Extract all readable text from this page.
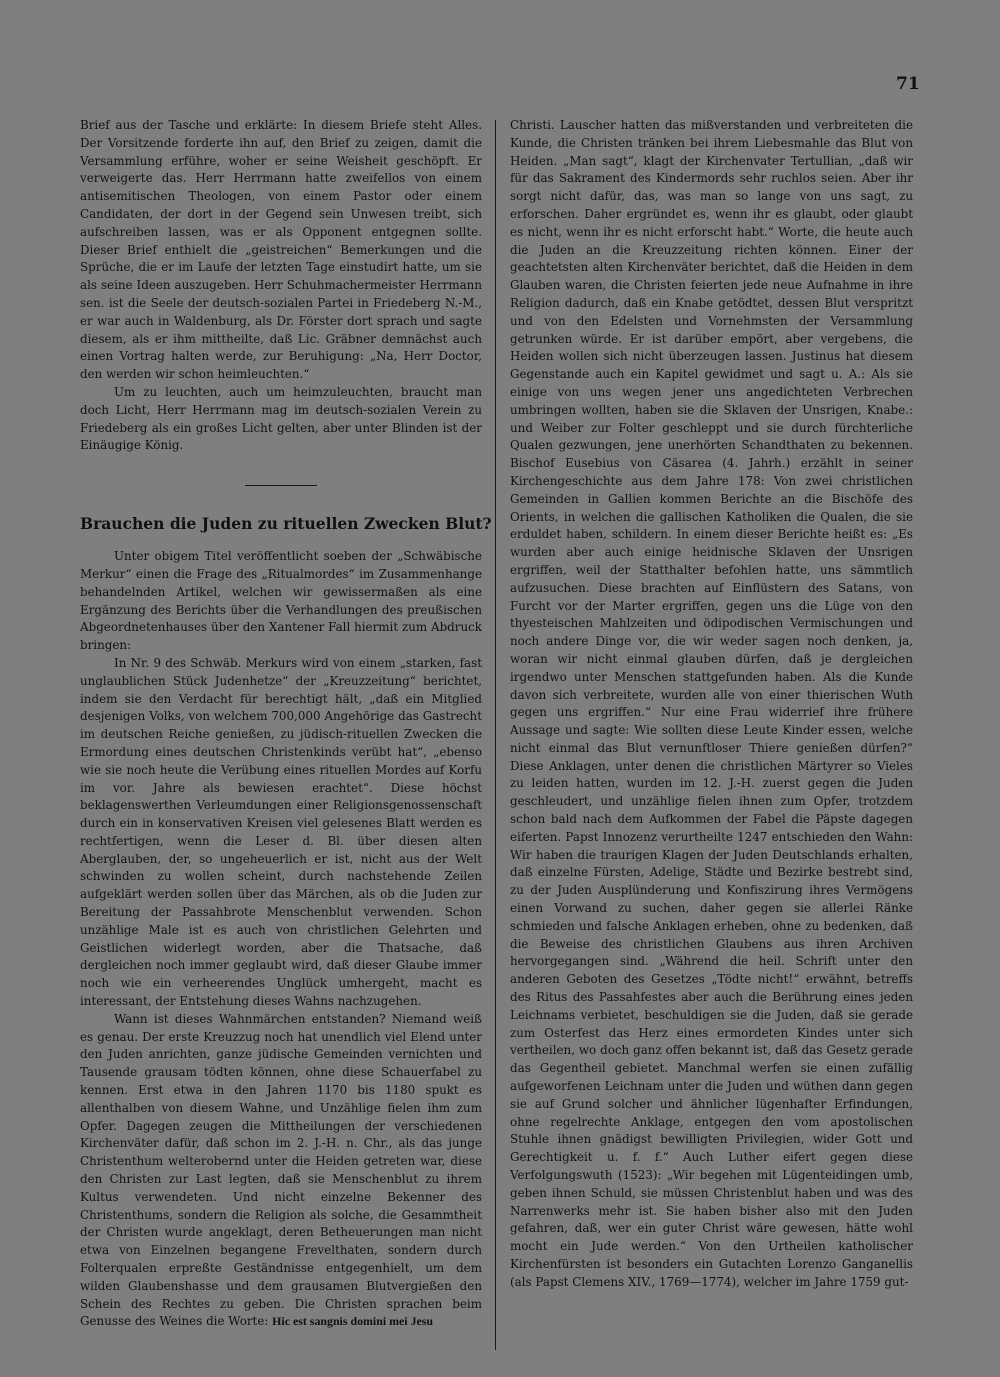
71

Brief aus der Tasche und erklärte: In diesem Briefe steht Alles. Der Vorsitzende forderte ihn auf, den Brief zu zeigen, damit die Versammlung erführe, woher er seine Weisheit geschöpft. Er verweigerte das. Herr Herrmann hatte zweifellos von einem antisemitischen Theologen, von einem Pastor oder einem Candidaten, der dort in der Gegend sein Unwesen treibt, sich aufschreiben lassen, was er als Opponent entgegnen sollte. Dieser Brief enthielt die „geistreichen“ Bemerkungen und die Sprüche, die er im Laufe der letzten Tage einstudirt hatte, um sie als seine Ideen auszugeben. Herr Schuhmachermeister Herrmann sen. ist die Seele der deutsch-sozialen Partei in Friedeberg N.-M., er war auch in Waldenburg, als Dr. Förster dort sprach und sagte diesem, als er ihm mittheilte, daß Lic. Gräbner demnächst auch einen Vortrag halten werde, zur Beruhigung: „Na, Herr Doctor, den werden wir schon heimleuchten.“

Um zu leuchten, auch um heimzuleuchten, braucht man doch Licht, Herr Herrmann mag im deutsch-sozialen Verein zu Friedeberg als ein großes Licht gelten, aber unter Blinden ist der Einäugige König.

Brauchen die Juden zu rituellen Zwecken Blut?

Unter obigem Titel veröffentlicht soeben der „Schwäbische Merkur“ einen die Frage des „Ritualmordes“ im Zusammenhange behandelnden Artikel, welchen wir gewissermaßen als eine Ergänzung des Berichts über die Verhandlungen des preußischen Abgeordnetenhauses über den Xantener Fall hiermit zum Abdruck bringen:

In Nr. 9 des Schwäb. Merkurs wird von einem „starken, fast unglaublichen Stück Judenhetze“ der „Kreuzzeitung“ berichtet, indem sie den Verdacht für berechtigt hält, „daß ein Mitglied desjenigen Volks, von welchem 700,000 Angehörige das Gastrecht im deutschen Reiche genießen, zu jüdisch-rituellen Zwecken die Ermordung eines deutschen Christenkinds verübt hat“, „ebenso wie sie noch heute die Verübung eines rituellen Mordes auf Korfu im vor. Jahre als bewiesen erachtet“. Diese höchst beklagenswerthen Verleumdungen einer Religionsgenossenschaft durch ein in konservativen Kreisen viel gelesenes Blatt werden es rechtfertigen, wenn die Leser d. Bl. über diesen alten Aberglauben, der, so ungeheuerlich er ist, nicht aus der Welt schwinden zu wollen scheint, durch nachstehende Zeilen aufgeklärt werden sollen über das Märchen, als ob die Juden zur Bereitung der Passahbrote Menschenblut verwenden. Schon unzählige Male ist es auch von christlichen Gelehrten und Geistlichen widerlegt worden, aber die Thatsache, daß dergleichen noch immer geglaubt wird, daß dieser Glaube immer noch wie ein verheerendes Unglück umhergeht, macht es interessant, der Entstehung dieses Wahns nachzugehen.

Wann ist dieses Wahnmärchen entstanden? Niemand weiß es genau. Der erste Kreuzzug noch hat unendlich viel Elend unter den Juden anrichten, ganze jüdische Gemeinden vernichten und Tausende grausam tödten können, ohne diese Schauerfabel zu kennen. Erst etwa in den Jahren 1170 bis 1180 spukt es allenthalben von diesem Wahne, und Unzählige fielen ihm zum Opfer. Dagegen zeugen die Mittheilungen der verschiedenen Kirchenväter dafür, daß schon im 2. J.-H. n. Chr., als das junge Christenthum welterobernd unter die Heiden getreten war, diese den Christen zur Last legten, daß sie Menschenblut zu ihrem Kultus verwendeten. Und nicht einzelne Bekenner des Christenthums, sondern die Religion als solche, die Gesammtheit der Christen wurde angeklagt, deren Betheuerungen man nicht etwa von Einzelnen begangene Frevelthaten, sondern durch Folterqualen erpreßte Geständnisse entgegenhielt, um dem wilden Glaubenshasse und dem grausamen Blutvergießen den Schein des Rechtes zu geben. Die Christen sprachen beim Genusse des Weines die Worte: Hic est sangnis domini mei Jesu

Christi. Lauscher hatten das mißverstanden und verbreiteten die Kunde, die Christen tränken bei ihrem Liebesmahle das Blut von Heiden. „Man sagt“, klagt der Kirchenvater Tertullian, „daß wir für das Sakrament des Kindermords sehr ruchlos seien. Aber ihr sorgt nicht dafür, das, was man so lange von uns sagt, zu erforschen. Daher ergründet es, wenn ihr es glaubt, oder glaubt es nicht, wenn ihr es nicht erforscht habt.“ Worte, die heute auch die Juden an die Kreuzzeitung richten können. Einer der geachtetsten alten Kirchenväter berichtet, daß die Heiden in dem Glauben waren, die Christen feierten jede neue Aufnahme in ihre Religion dadurch, daß ein Knabe getödtet, dessen Blut verspritzt und von den Edelsten und Vornehmsten der Versammlung getrunken würde. Er ist darüber empört, aber vergebens, die Heiden wollen sich nicht überzeugen lassen. Justinus hat diesem Gegenstande auch ein Kapitel gewidmet und sagt u. A.: Als sie einige von uns wegen jener uns angedichteten Verbrechen umbringen wollten, haben sie die Sklaven der Unsrigen, Knabe.: und Weiber zur Folter geschleppt und sie durch fürchterliche Qualen gezwungen, jene unerhörten Schandthaten zu bekennen. Bischof Eusebius von Cäsarea (4. Jahrh.) erzählt in seiner Kirchengeschichte aus dem Jahre 178: Von zwei christlichen Gemeinden in Gallien kommen Berichte an die Bischöfe des Orients, in welchen die gallischen Katholiken die Qualen, die sie erduldet haben, schildern. In einem dieser Berichte heißt es: „Es wurden aber auch einige heidnische Sklaven der Unsrigen ergriffen, weil der Statthalter befohlen hatte, uns sämmtlich aufzusuchen. Diese brachten auf Einflüstern des Satans, von Furcht vor der Marter ergriffen, gegen uns die Lüge von den thyesteischen Mahlzeiten und ödipodischen Vermischungen und noch andere Dinge vor, die wir weder sagen noch denken, ja, woran wir nicht einmal glauben dürfen, daß je dergleichen irgendwo unter Menschen stattgefunden haben. Als die Kunde davon sich verbreitete, wurden alle von einer thierischen Wuth gegen uns ergriffen.“ Nur eine Frau widerrief ihre frühere Aussage und sagte: Wie sollten diese Leute Kinder essen, welche nicht einmal das Blut vernunftloser Thiere genießen dürfen?“ Diese Anklagen, unter denen die christlichen Märtyrer so Vieles zu leiden hatten, wurden im 12. J.-H. zuerst gegen die Juden geschleudert, und unzählige fielen ihnen zum Opfer, trotzdem schon bald nach dem Aufkommen der Fabel die Päpste dagegen eiferten. Papst Innozenz verurtheilte 1247 entschieden den Wahn: Wir haben die traurigen Klagen der Juden Deutschlands erhalten, daß einzelne Fürsten, Adelige, Städte und Bezirke bestrebt sind, zu der Juden Ausplünderung und Konfiszirung ihres Vermögens einen Vorwand zu suchen, daher gegen sie allerlei Ränke schmieden und falsche Anklagen erheben, ohne zu bedenken, daß die Beweise des christlichen Glaubens aus ihren Archiven hervorgegangen sind. „Während die heil. Schrift unter den anderen Geboten des Gesetzes „Tödte nicht!“ erwähnt, betreffs des Ritus des Passahfestes aber auch die Berührung eines jeden Leichnams verbietet, beschuldigen sie die Juden, daß sie gerade zum Osterfest das Herz eines ermordeten Kindes unter sich vertheilen, wo doch ganz offen bekannt ist, daß das Gesetz gerade das Gegentheil gebietet. Manchmal werfen sie einen zufällig aufgeworfenen Leichnam unter die Juden und wüthen dann gegen sie auf Grund solcher und ähnlicher lügenhafter Erfindungen, ohne regelrechte Anklage, entgegen den vom apostolischen Stuhle ihnen gnädigst bewilligten Privilegien, wider Gott und Gerechtigkeit u. f. f.“ Auch Luther eifert gegen diese Verfolgungswuth (1523): „Wir begehen mit Lügenteidingen umb, geben ihnen Schuld, sie müssen Christenblut haben und was des Narrenwerks mehr ist. Sie haben bisher also mit den Juden gefahren, daß, wer ein guter Christ wäre gewesen, hätte wohl mocht ein Jude werden.“ Von den Urtheilen katholischer Kirchenfürsten ist besonders ein Gutachten Lorenzo Ganganellis (als Papst Clemens XIV., 1769—1774), welcher im Jahre 1759 gut-
